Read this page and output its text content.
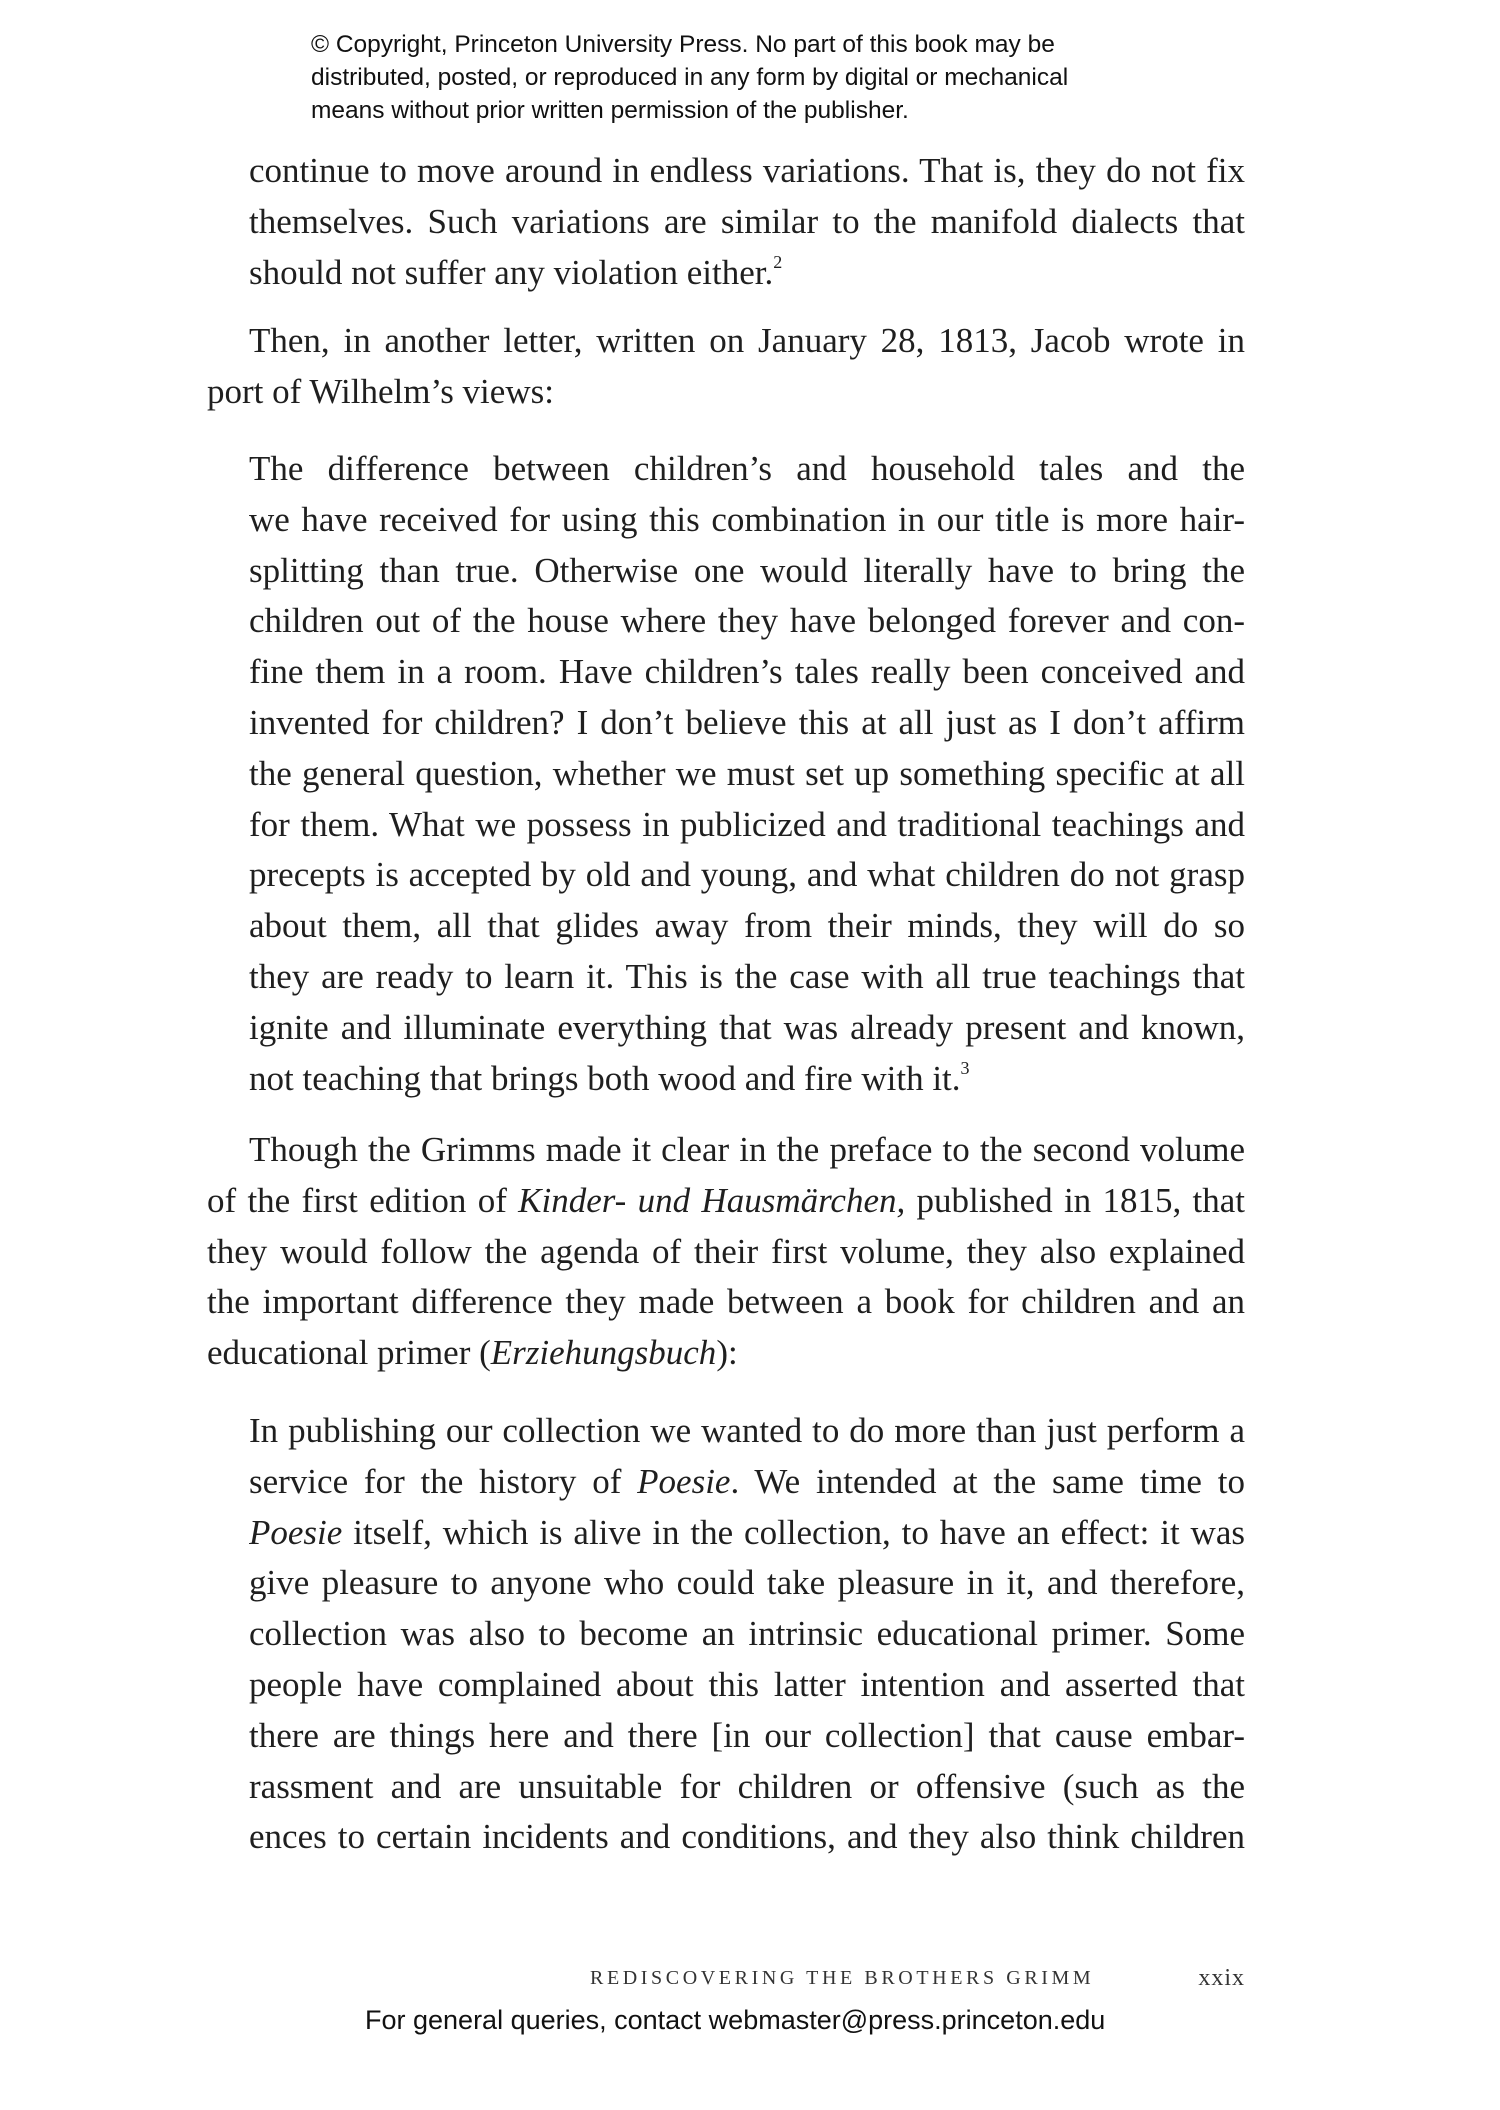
© Copyright, Princeton University Press. No part of this book may be
distributed, posted, or reproduced in any form by digital or mechanical
means without prior written permission of the publisher.
continue to move around in endless variations. That is, they do not fix
themselves. Such variations are similar to the manifold dialects that
should not suffer any violation either.$^2$
Then, in another letter, written on January 28, 1813, Jacob wrote in
port of Wilhelm’s views:
The difference between children’s and household tales and the
we have received for using this combination in our title is more hair-
splitting than true. Otherwise one would literally have to bring the
children out of the house where they have belonged forever and con-
fine them in a room. Have children’s tales really been conceived and
invented for children? I don’t believe this at all just as I don’t affirm
the general question, whether we must set up something specific at all
for them. What we possess in publicized and traditional teachings and
precepts is accepted by old and young, and what children do not grasp
about them, all that glides away from their minds, they will do so
they are ready to learn it. This is the case with all true teachings that
ignite and illuminate everything that was already present and known,
not teaching that brings both wood and fire with it.$^3$
Though the Grimms made it clear in the preface to the second volume
of the first edition of Kinder- und Hausmärchen, published in 1815, that
they would follow the agenda of their first volume, they also explained
the important difference they made between a book for children and an
educational primer (Erziehungsbuch):
In publishing our collection we wanted to do more than just perform a
service for the history of Poesie. We intended at the same time to
Poesie itself, which is alive in the collection, to have an effect: it was
give pleasure to anyone who could take pleasure in it, and therefore,
collection was also to become an intrinsic educational primer. Some
people have complained about this latter intention and asserted that
there are things here and there [in our collection] that cause embar-
rassment and are unsuitable for children or offensive (such as the
ences to certain incidents and conditions, and they also think children
REDISCOVERING THE BROTHERS GRIMM	xxix
For general queries, contact webmaster@press.princeton.edu
